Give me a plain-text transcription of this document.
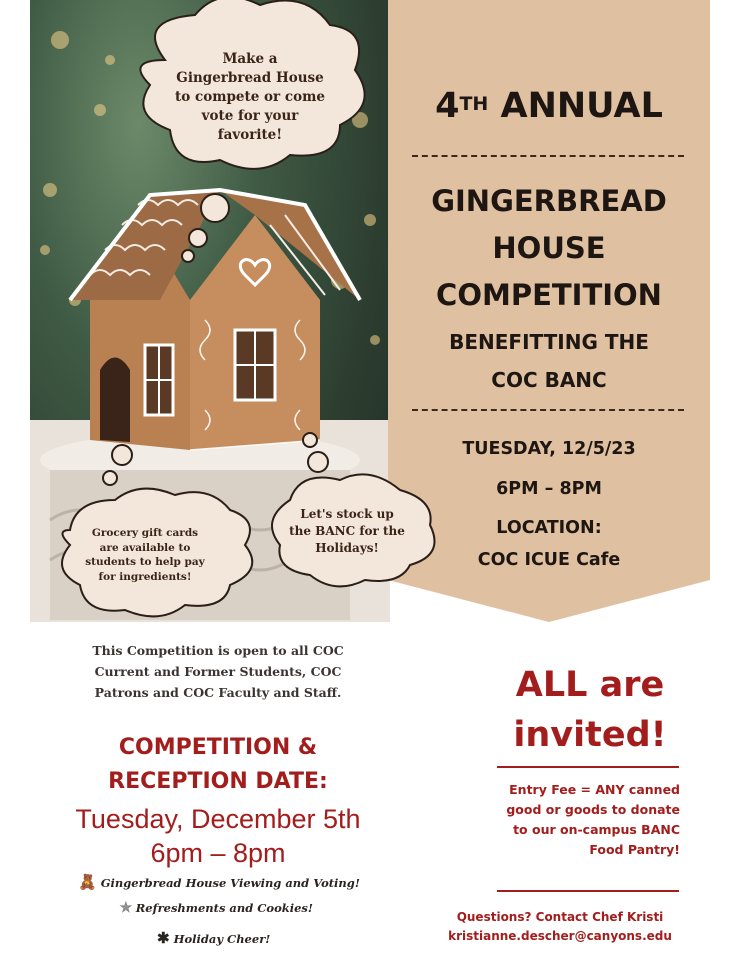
Make a Gingerbread House to compete or come vote for your favorite!
Grocery gift cards are available to students to help pay for ingredients!
Let's stock up the BANC for the Holidays!
4TH ANNUAL
GINGERBREAD
HOUSE
COMPETITION
BENEFITTING THE
COC BANC
TUESDAY, 12/5/23
6PM – 8PM
LOCATION:
COC ICUE Cafe
This Competition is open to all COC
Current and Former Students, COC
Patrons and COC Faculty and Staff.
COMPETITION &
RECEPTION DATE:
Tuesday, December 5th
6pm – 8pm
🧸 Gingerbread House Viewing and Voting!
✯ Refreshments and Cookies!
✱ Holiday Cheer!
ALL are
invited!
Entry Fee = ANY canned
good or goods to donate
to our on-campus BANC
Food Pantry!
Questions? Contact Chef Kristi
kristianne.descher@canyons.edu
